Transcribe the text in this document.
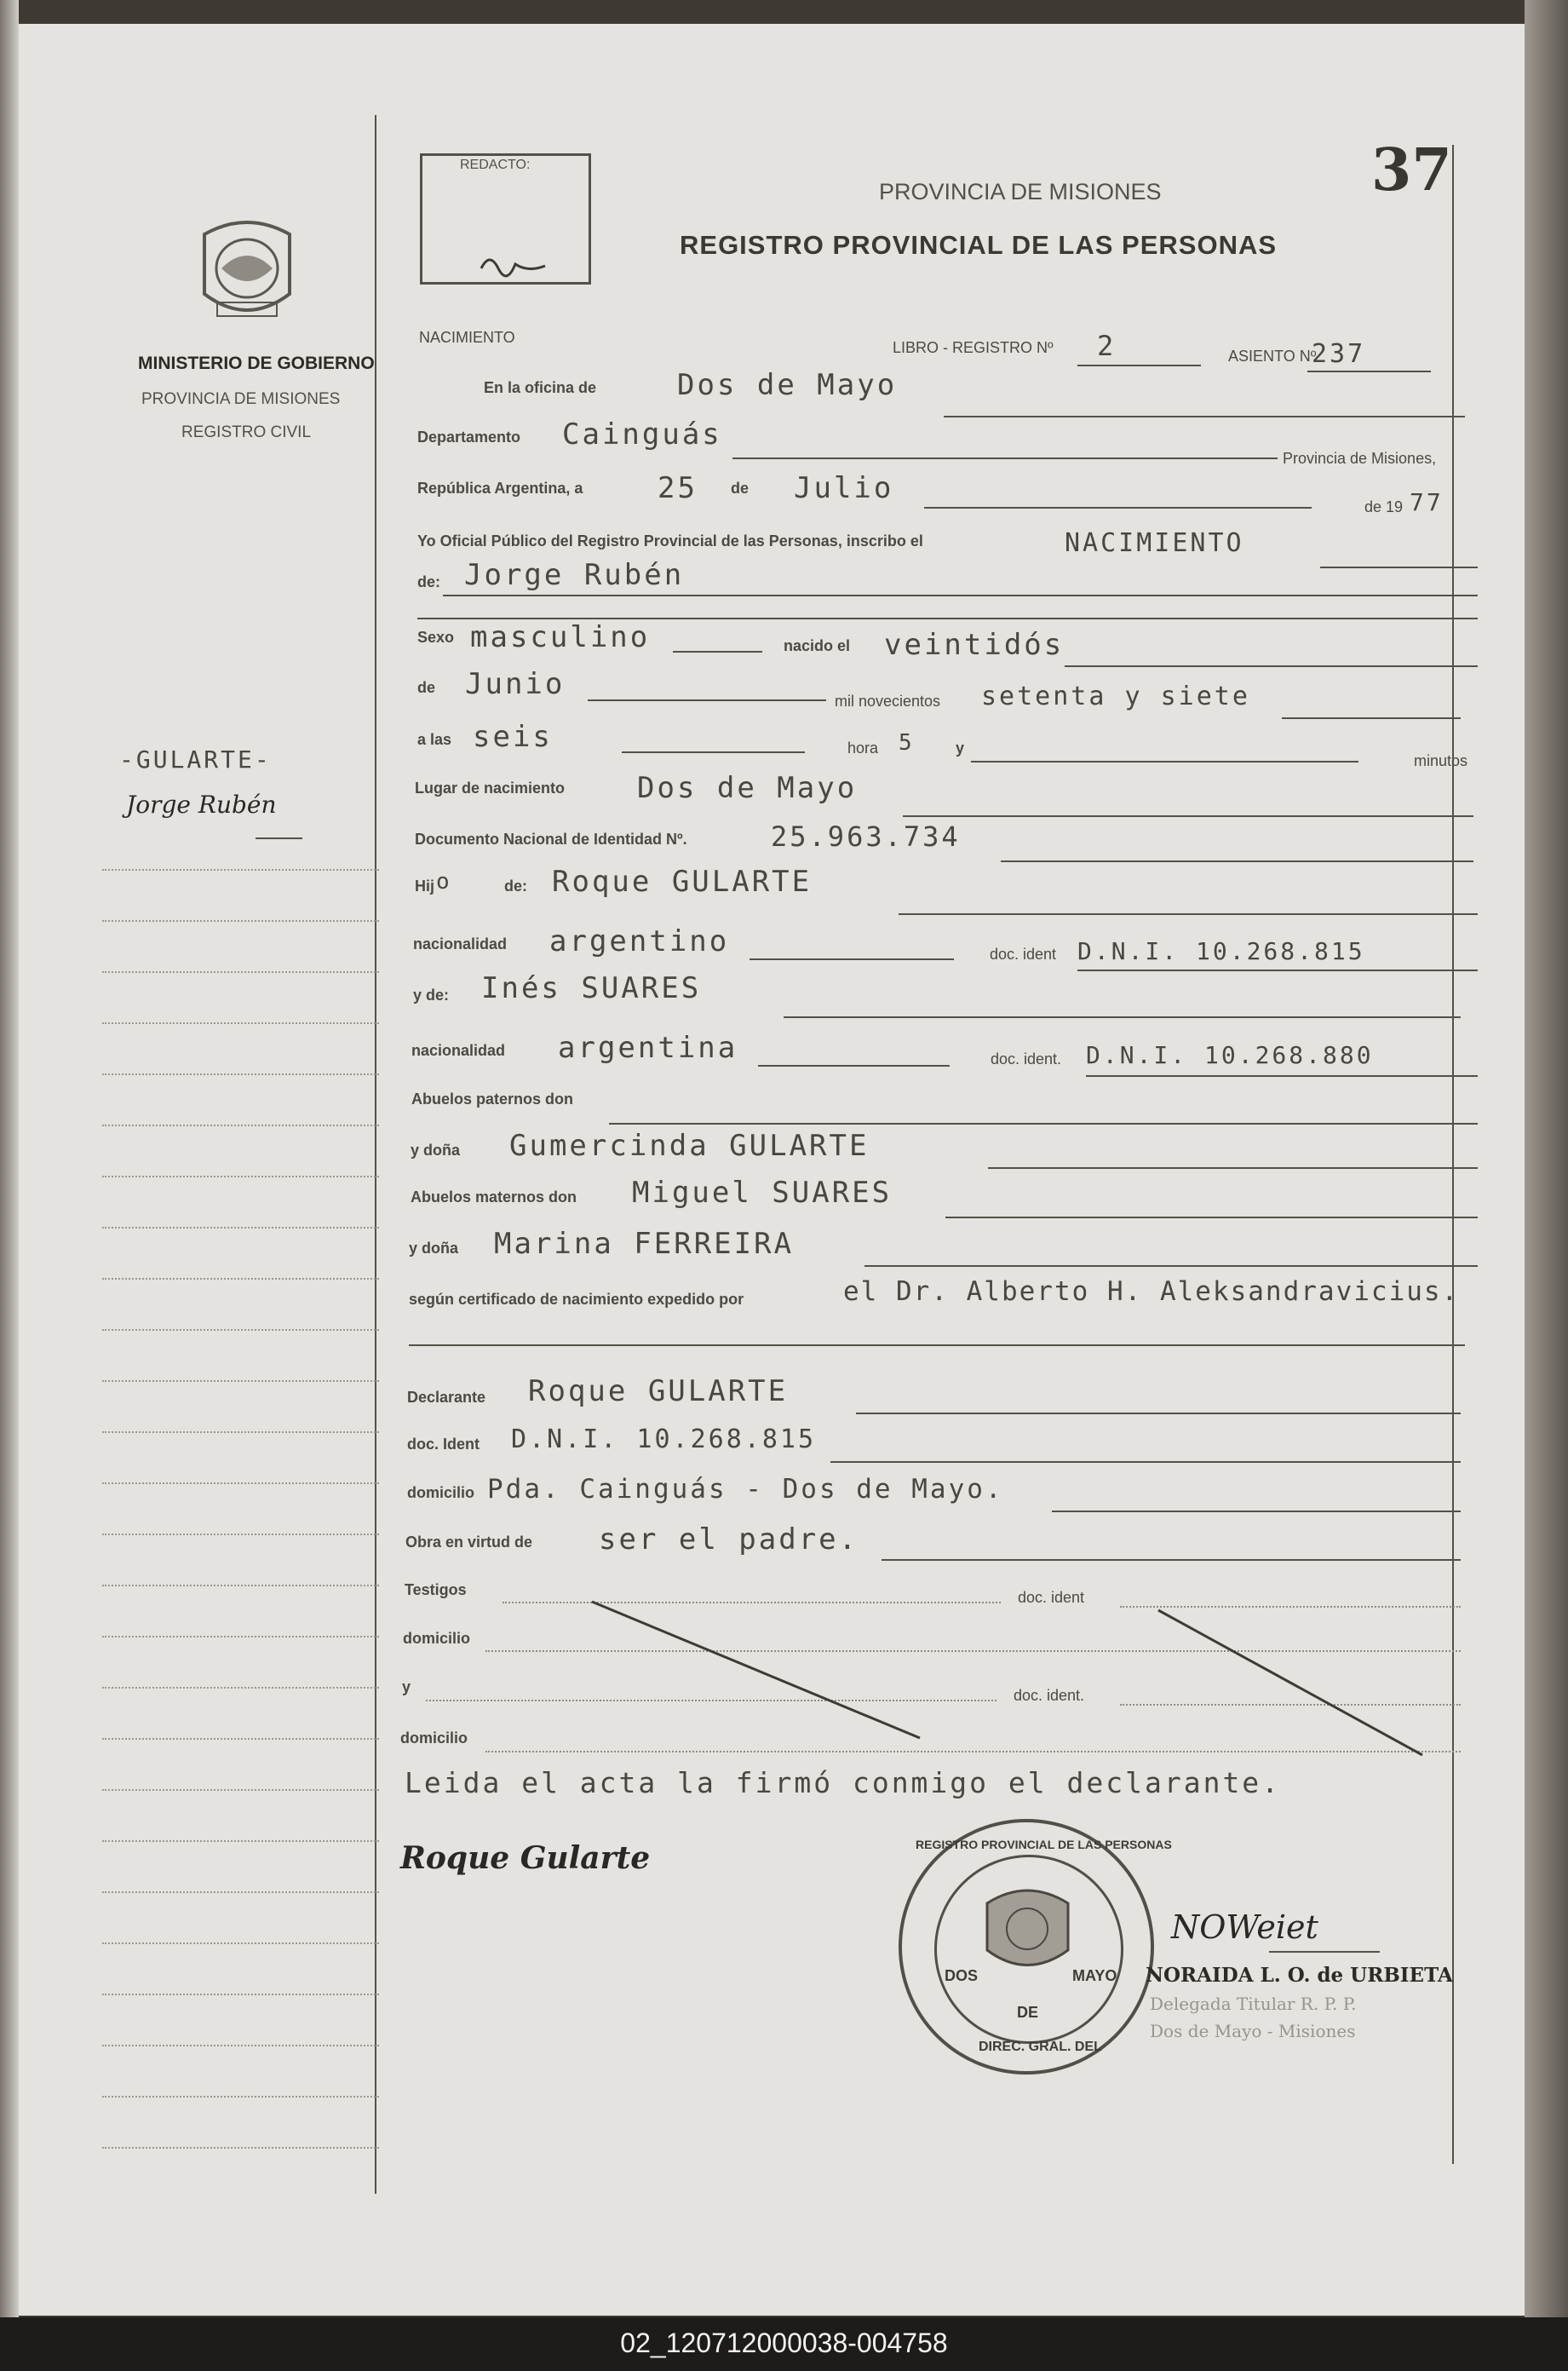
37
MINISTERIO DE GOBIERNO
PROVINCIA DE MISIONES
REGISTRO CIVIL
-GULARTE-
Jorge Rubén
REDACTO:
PROVINCIA DE MISIONES
REGISTRO PROVINCIAL DE LAS PERSONAS
NACIMIENTO
LIBRO - REGISTRO Nº 2	ASIENTO Nº
237
En la oficina de	Dos de Mayo
Departamento Cainguás
Provincia de Misiones,
República Argentina, a	25 de Julio
de 19 77
Yo Oficial Público del Registro Provincial de las Personas, inscribo el	NACIMIENTO
de: Jorge Rubén
Sexo masculino	nacido el veintidós
de Junio	mil novecientos setenta y siete
a las seis	hora 5	y
minutos
Lugar de nacimiento Dos de Mayo
Documento Nacional de Identidad Nº.	25.963.734
Hij o	de: Roque GULARTE
nacionalidad argentino	doc. ident D.N.I. 10.268.815
y de: Inés SUARES
nacionalidad argentina	doc. ident. D.N.I. 10.268.880
Abuelos paternos don
y doña Gumercinda GULARTE
Abuelos maternos don Miguel SUARES
y doña Marina FERREIRA
según certificado de nacimiento expedido por	el Dr. Alberto H. Aleksandravicius.
Declarante Roque GULARTE
doc. Ident D.N.I. 10.268.815
domicilio Pda. Cainguás - Dos de Mayo.
Obra en virtud de ser el padre.
Testigos	doc. ident
domicilio
y	doc. ident.
domicilio
Leida el acta la firmó conmigo el declarante.
Roque Gularte	REGISTRO PROVINCIAL DE LAS PERSONAS
DIREC. GRAL. DEL
DOS
DE
MAYO
NOWeiet
NORAIDA L. O. de URBIETA
Delegada Titular R. P. P.
Dos de Mayo - Misiones
02_120712000038-004758
